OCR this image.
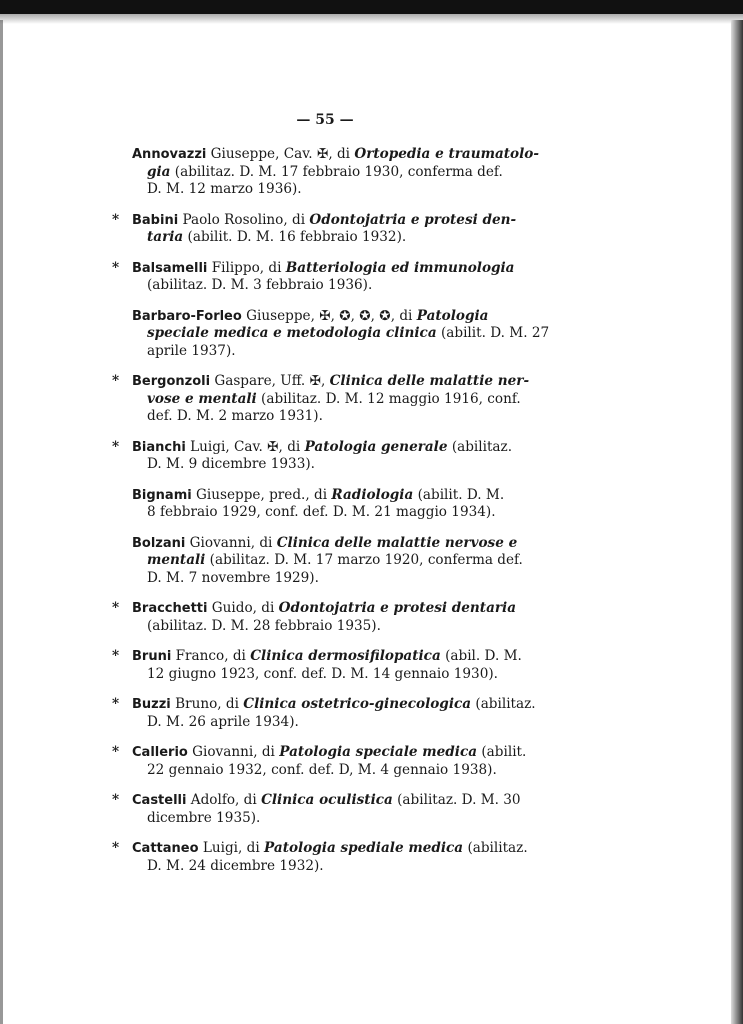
— 55 —
Annovazzi Giuseppe, Cav. ✠, di Ortopedia e traumatolo-
gia (abilitaz. D. M. 17 febbraio 1930, conferma def.
D. M. 12 marzo 1936).
* Babini Paolo Rosolino, di Odontojatria e protesi den-
taria (abilit. D. M. 16 febbraio 1932).
* Balsamelli Filippo, di Batteriologia ed immunologia
(abilitaz. D. M. 3 febbraio 1936).
Barbaro-Forleo Giuseppe, ✠, ✪, ✪, ✪, di Patologia
speciale medica e metodologia clinica (abilit. D. M. 27
aprile 1937).
* Bergonzoli Gaspare, Uff. ✠, Clinica delle malattie ner-
vose e mentali (abilitaz. D. M. 12 maggio 1916, conf.
def. D. M. 2 marzo 1931).
* Bianchi Luigi, Cav. ✠, di Patologia generale (abilitaz.
D. M. 9 dicembre 1933).
Bignami Giuseppe, pred., di Radiologia (abilit. D. M.
8 febbraio 1929, conf. def. D. M. 21 maggio 1934).
Bolzani Giovanni, di Clinica delle malattie nervose e
mentali (abilitaz. D. M. 17 marzo 1920, conferma def.
D. M. 7 novembre 1929).
* Bracchetti Guido, di Odontojatria e protesi dentaria
(abilitaz. D. M. 28 febbraio 1935).
* Bruni Franco, di Clinica dermosifilopatica (abil. D. M.
12 giugno 1923, conf. def. D. M. 14 gennaio 1930).
* Buzzi Bruno, di Clinica ostetrico-ginecologica (abilitaz.
D. M. 26 aprile 1934).
* Callerio Giovanni, di Patologia speciale medica (abilit.
22 gennaio 1932, conf. def. D, M. 4 gennaio 1938).
* Castelli Adolfo, di Clinica oculistica (abilitaz. D. M. 30
dicembre 1935).
* Cattaneo Luigi, di Patologia spediale medica (abilitaz.
D. M. 24 dicembre 1932).
